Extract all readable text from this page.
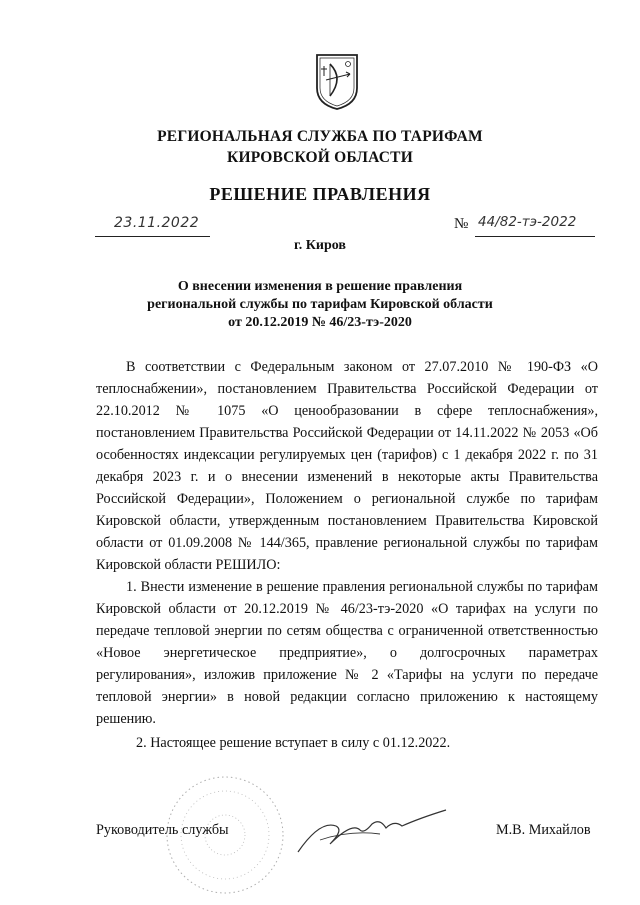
РЕГИОНАЛЬНАЯ СЛУЖБА ПО ТАРИФАМ
КИРОВСКОЙ ОБЛАСТИ
РЕШЕНИЕ ПРАВЛЕНИЯ
23.11.2022	№ 44/82-тэ-2022
г. Киров
О внесении изменения в решение правления
региональной службы по тарифам Кировской области
от 20.12.2019 № 46/23-тэ-2020

В соответствии с Федеральным законом от 27.07.2010 № 190-ФЗ «О теплоснабжении», постановлением Правительства Российской Федерации от 22.10.2012 № 1075 «О ценообразовании в сфере теплоснабжения», постановлением Правительства Российской Федерации от 14.11.2022 № 2053 «Об особенностях индексации регулируемых цен (тарифов) с 1 декабря 2022 г. по 31 декабря 2023 г. и о внесении изменений в некоторые акты Правительства Российской Федерации», Положением о региональной службе по тарифам Кировской области, утвержденным постановлением Правительства Кировской области от 01.09.2008 № 144/365, правление региональной службы по тарифам Кировской области РЕШИЛО:

1. Внести изменение в решение правления региональной службы по тарифам Кировской области от 20.12.2019 № 46/23-тэ-2020 «О тарифах на услуги по передаче тепловой энергии по сетям общества с ограниченной ответственностью «Новое энергетическое предприятие», о долгосрочных параметрах регулирования», изложив приложение № 2 «Тарифы на услуги по передаче тепловой энергии» в новой редакции согласно приложению к настоящему решению.

2. Настоящее решение вступает в силу с 01.12.2022.

Руководитель службы	М.В. Михайлов
